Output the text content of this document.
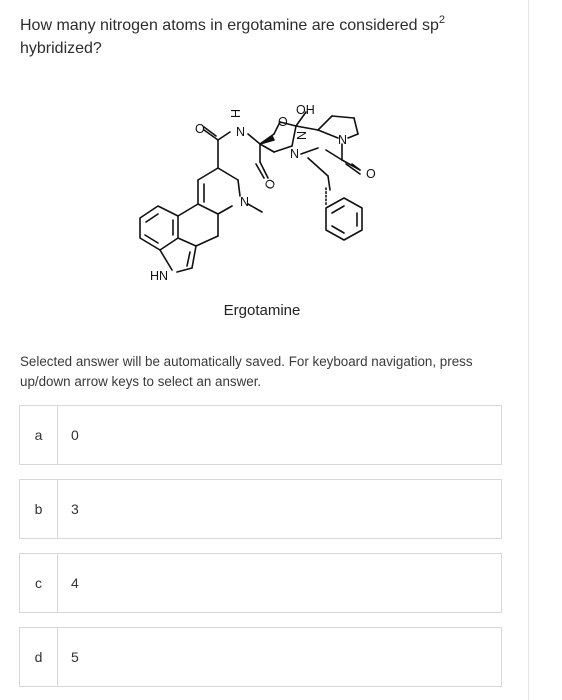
How many nitrogen atoms in ergotamine are considered $sp^2$ hybridized?
HN
H
N
OH
N
O	O
O
O
N
N
N
Ergotamine
Selected answer will be automatically saved. For keyboard navigation, press up/down arrow keys to select an answer.
a	0
b	3
c	4
d	5
